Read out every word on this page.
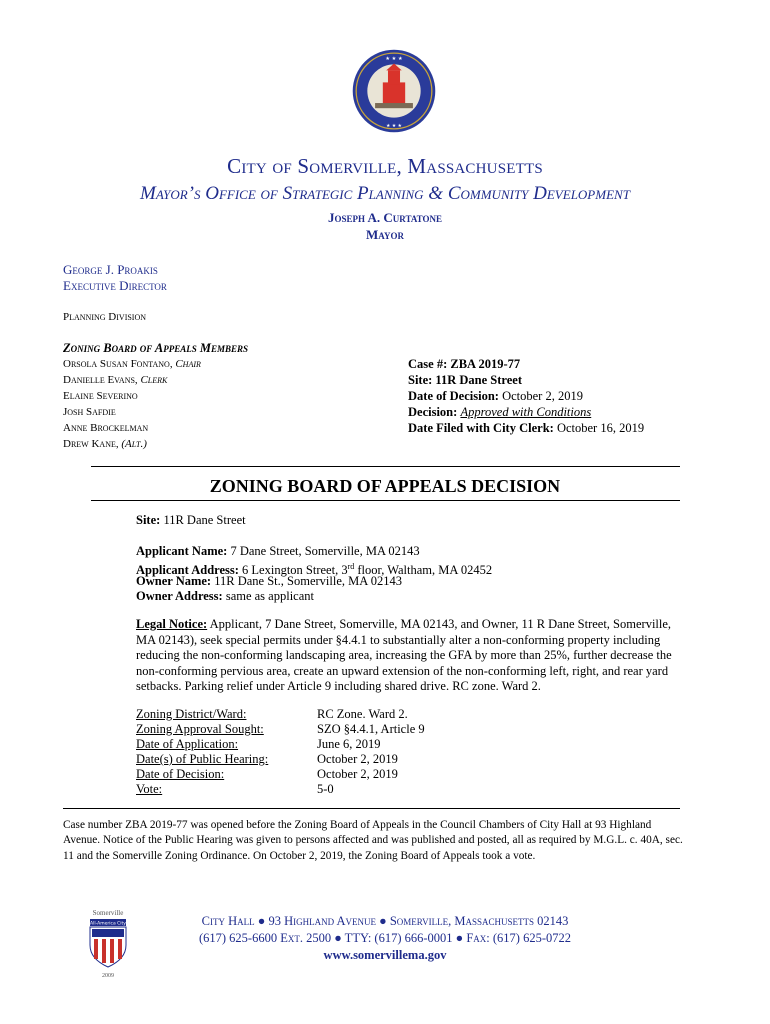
★ ★ ★
★ ★ ★
City of Somerville, Massachusetts
Mayor’s Office of Strategic Planning & Community Development
Joseph A. Curtatone
Mayor
George J. Proakis
Executive Director
Planning Division
Zoning Board of Appeals Members
Orsola Susan Fontano, Chair
Danielle Evans, Clerk
Elaine Severino
Josh Safdie
Anne Brockelman
Drew Kane, (Alt.)
Case #: ZBA 2019-77
Site: 11R Dane Street
Date of Decision: October 2, 2019
Decision: Approved with Conditions
Date Filed with City Clerk: October 16, 2019
ZONING BOARD OF APPEALS DECISION
Site: 11R Dane Street
Applicant Name: 7 Dane Street, Somerville, MA 02143
Applicant Address: 6 Lexington Street, 3rd floor, Waltham, MA 02452
Owner Name: 11R Dane St., Somerville, MA 02143
Owner Address: same as applicant
Legal Notice: Applicant, 7 Dane Street, Somerville, MA 02143, and Owner, 11 R Dane Street, Somerville, MA 02143), seek special permits under §4.4.1 to substantially alter a non-conforming property including reducing the non-conforming landscaping area, increasing the GFA by more than 25%, further decrease the non-conforming pervious area, create an upward extension of the non-conforming left, right, and rear yard setbacks. Parking relief under Article 9 including shared drive. RC zone. Ward 2.
Zoning District/Ward:	RC Zone. Ward 2.
Zoning Approval Sought:	SZO §4.4.1, Article 9
Date of Application:	June 6, 2019
Date(s) of Public Hearing:	October 2, 2019
Date of Decision:	October 2, 2019
Vote:	5-0
Case number ZBA 2019-77 was opened before the Zoning Board of Appeals in the Council Chambers of City Hall at 93 Highland Avenue. Notice of the Public Hearing was given to persons affected and was published and posted, all as required by M.G.L. c. 40A, sec. 11 and the Somerville Zoning Ordinance. On October 2, 2019, the Zoning Board of Appeals took a vote.
Somerville
All-America City
2009
City Hall ● 93 Highland Avenue ● Somerville, Massachusetts 02143
(617) 625-6600 Ext. 2500 ● TTY: (617) 666-0001 ● Fax: (617) 625-0722
www.somervillema.gov
